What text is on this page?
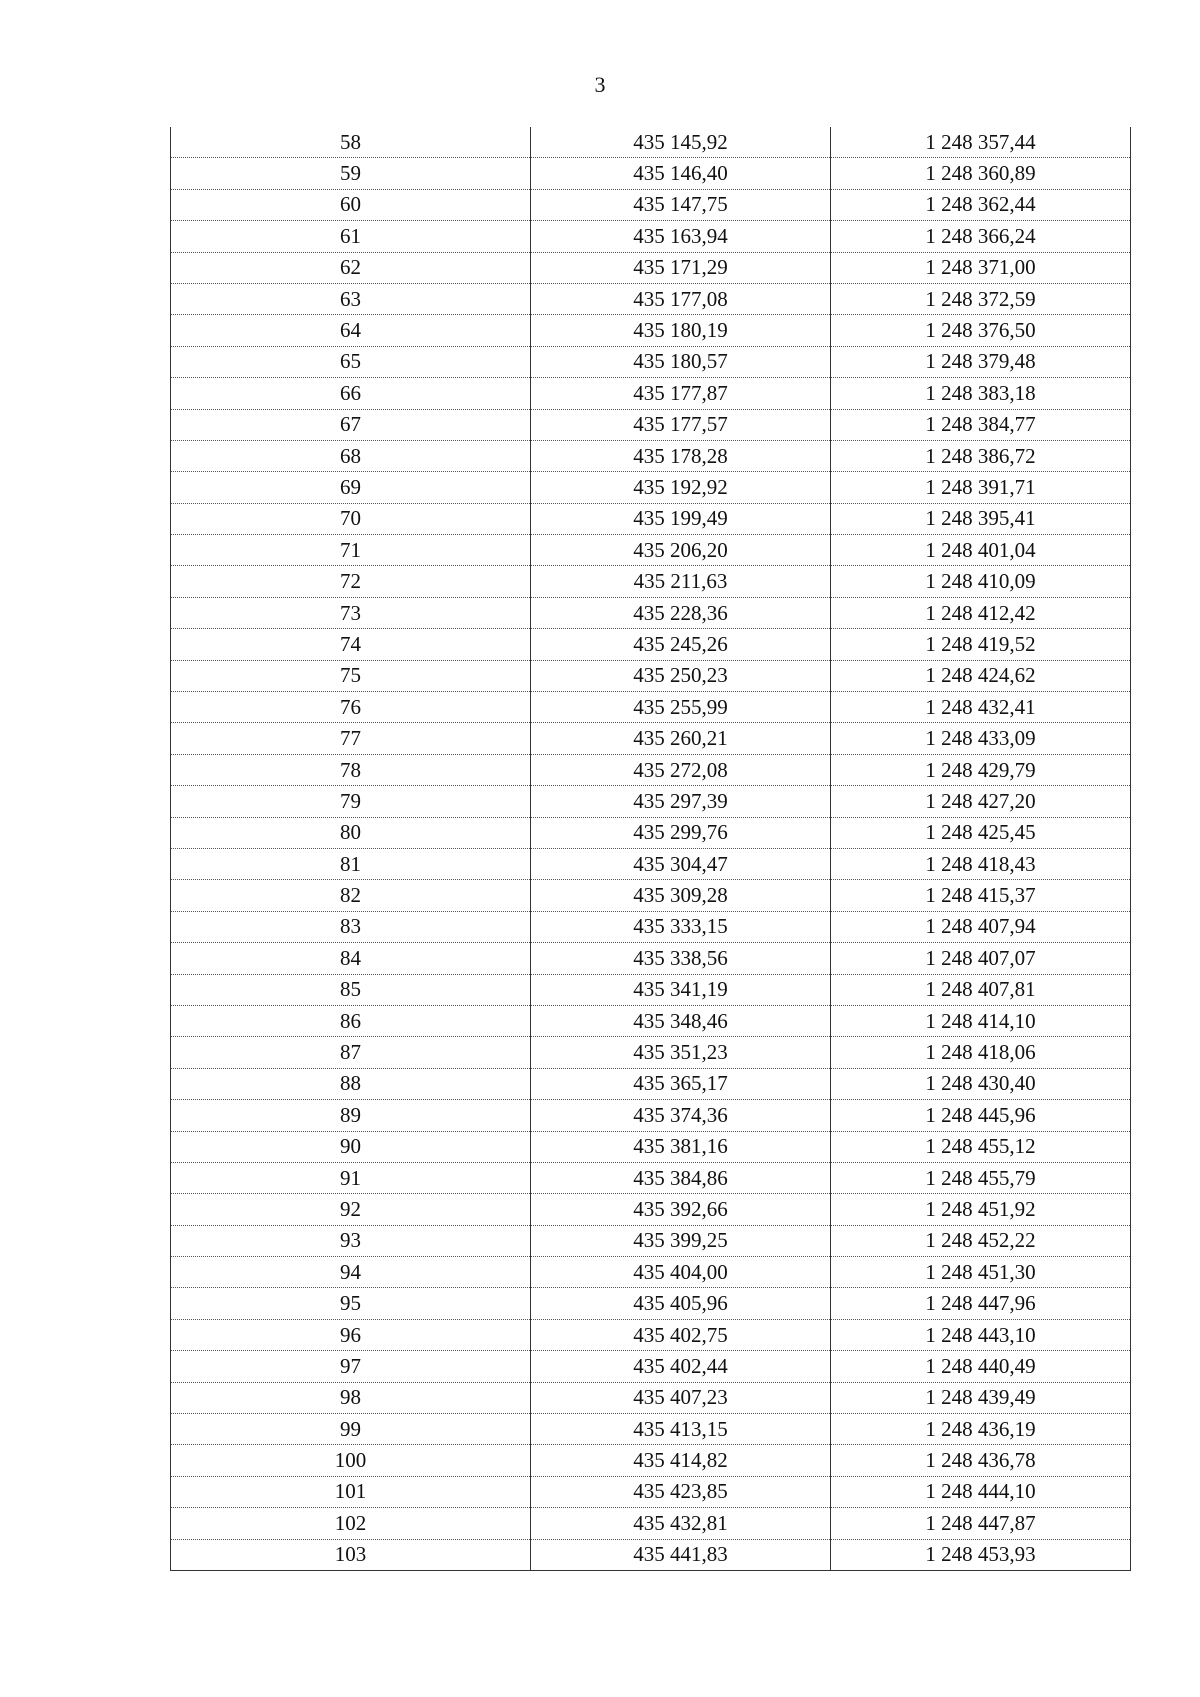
3
58	435 145,92	1 248 357,44
59	435 146,40	1 248 360,89
60	435 147,75	1 248 362,44
61	435 163,94	1 248 366,24
62	435 171,29	1 248 371,00
63	435 177,08	1 248 372,59
64	435 180,19	1 248 376,50
65	435 180,57	1 248 379,48
66	435 177,87	1 248 383,18
67	435 177,57	1 248 384,77
68	435 178,28	1 248 386,72
69	435 192,92	1 248 391,71
70	435 199,49	1 248 395,41
71	435 206,20	1 248 401,04
72	435 211,63	1 248 410,09
73	435 228,36	1 248 412,42
74	435 245,26	1 248 419,52
75	435 250,23	1 248 424,62
76	435 255,99	1 248 432,41
77	435 260,21	1 248 433,09
78	435 272,08	1 248 429,79
79	435 297,39	1 248 427,20
80	435 299,76	1 248 425,45
81	435 304,47	1 248 418,43
82	435 309,28	1 248 415,37
83	435 333,15	1 248 407,94
84	435 338,56	1 248 407,07
85	435 341,19	1 248 407,81
86	435 348,46	1 248 414,10
87	435 351,23	1 248 418,06
88	435 365,17	1 248 430,40
89	435 374,36	1 248 445,96
90	435 381,16	1 248 455,12
91	435 384,86	1 248 455,79
92	435 392,66	1 248 451,92
93	435 399,25	1 248 452,22
94	435 404,00	1 248 451,30
95	435 405,96	1 248 447,96
96	435 402,75	1 248 443,10
97	435 402,44	1 248 440,49
98	435 407,23	1 248 439,49
99	435 413,15	1 248 436,19
100	435 414,82	1 248 436,78
101	435 423,85	1 248 444,10
102	435 432,81	1 248 447,87
103	435 441,83	1 248 453,93
